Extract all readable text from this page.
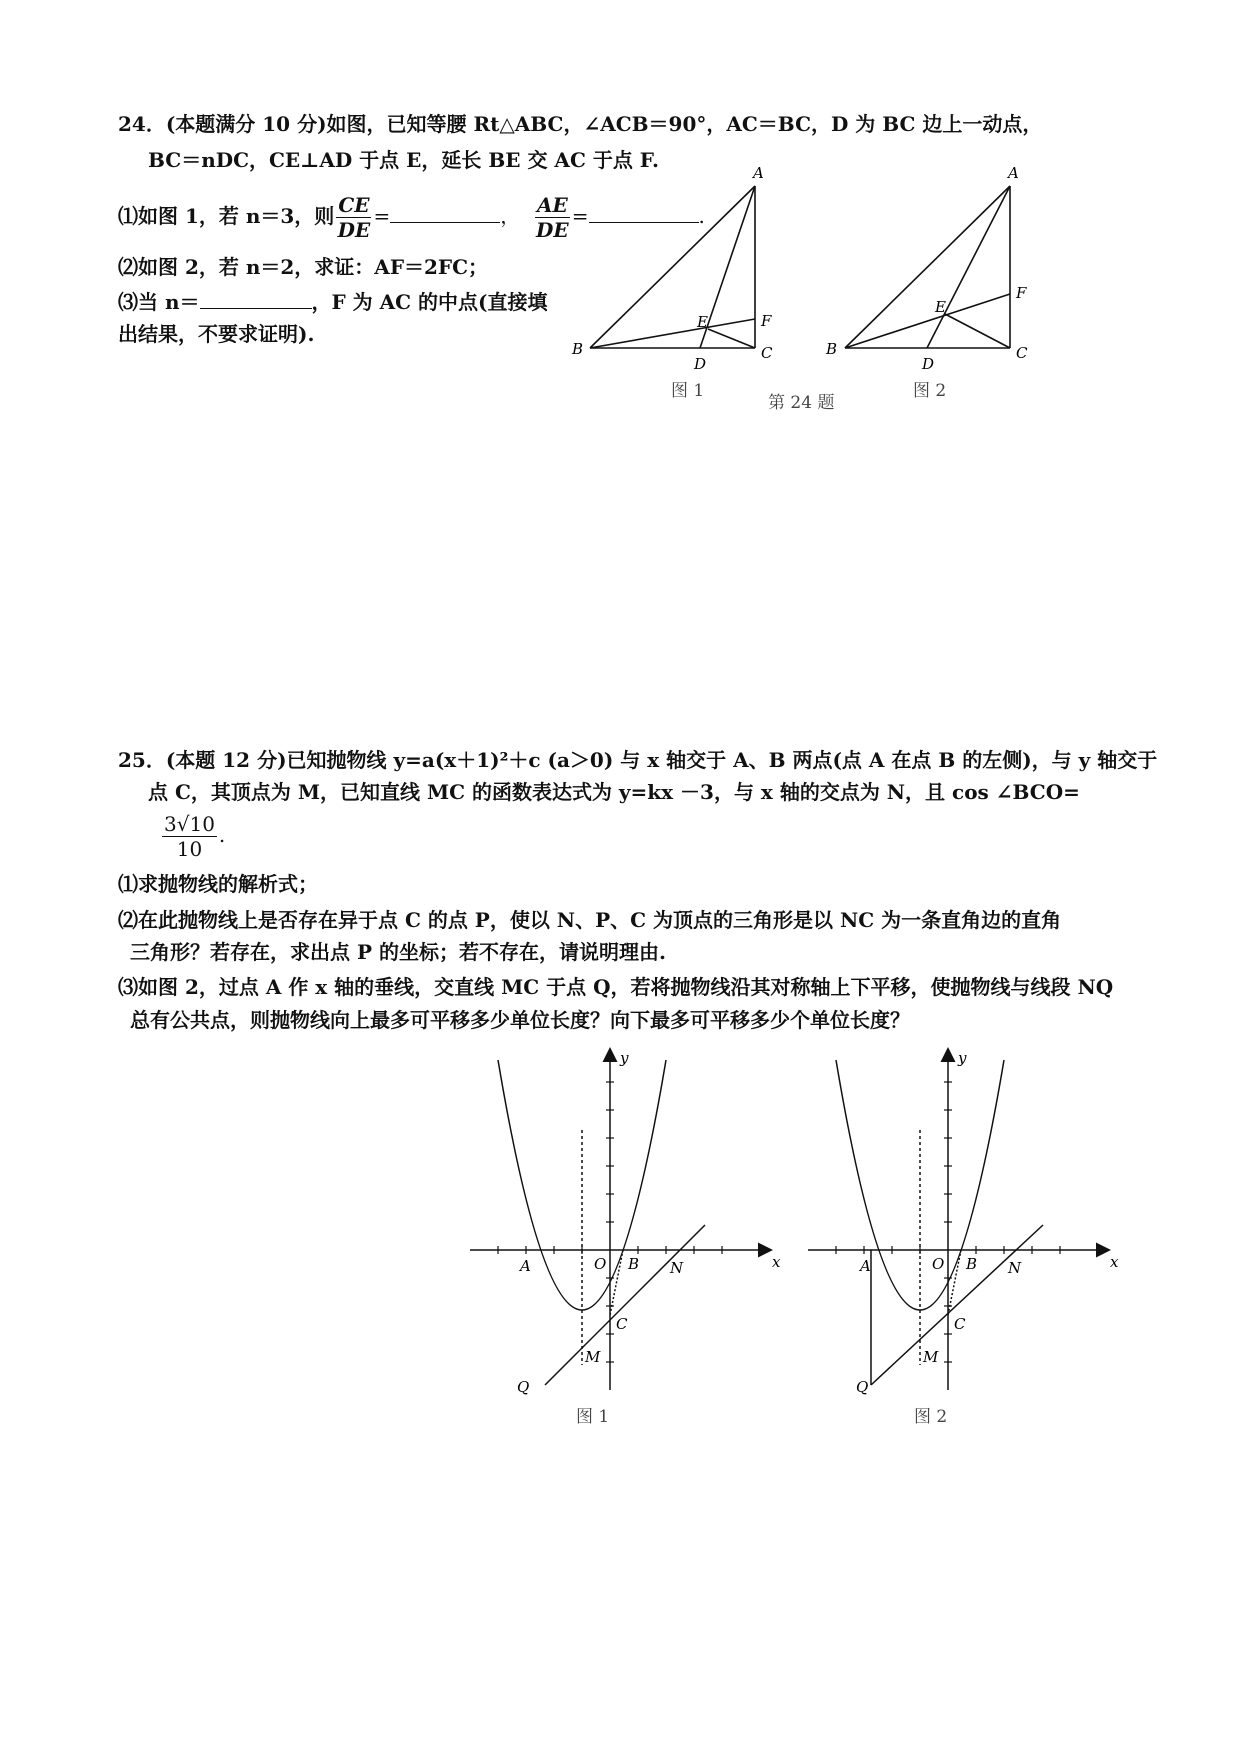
24．(本题满分 10 分)如图，已知等腰 Rt△ABC，∠ACB＝90°，AC＝BC，D 为 BC 边上一动点，
BC＝nDC，CE⊥AD 于点 E，延长 BE 交 AC 于点 F.
⑴如图 1，若 n＝3，则 $\frac{CE}{DE}$ =	， $\frac{AE}{DE}$ =	.
⑵如图 2，若 n＝2，求证：AF＝2FC；
⑶当 n＝	，F 为 AC 的中点(直接填
出结果，不要求证明).
A
B	C
D
E	F
图 1
A
B	C
D
E
F
图 2
第 24 题
25．(本题 12 分)已知抛物线 y=a(x＋1)²＋c (a＞0) 与 x 轴交于 A、B 两点(点 A 在点 B 的左侧)，与 y 轴交于
点 C，其顶点为 M，已知直线 MC 的函数表达式为 y=kx －3，与 x 轴的交点为 N，且 cos ∠BCO=
$\frac{3√10}{10}$ .
⑴求抛物线的解析式；
⑵在此抛物线上是否存在异于点 C 的点 P，使以 N、P、C 为顶点的三角形是以 NC 为一条直角边的直角
三角形？若存在，求出点 P 的坐标；若不存在，请说明理由.
⑶如图 2，过点 A 作 x 轴的垂线，交直线 MC 于点 Q，若将抛物线沿其对称轴上下平移，使抛物线与线段 NQ
总有公共点，则抛物线向上最多可平移多少单位长度？向下最多可平移多少个单位长度？
x
y
A	O B N
C
M
Q
图 1
x
y
A	O B N
C
M
Q
图 2
